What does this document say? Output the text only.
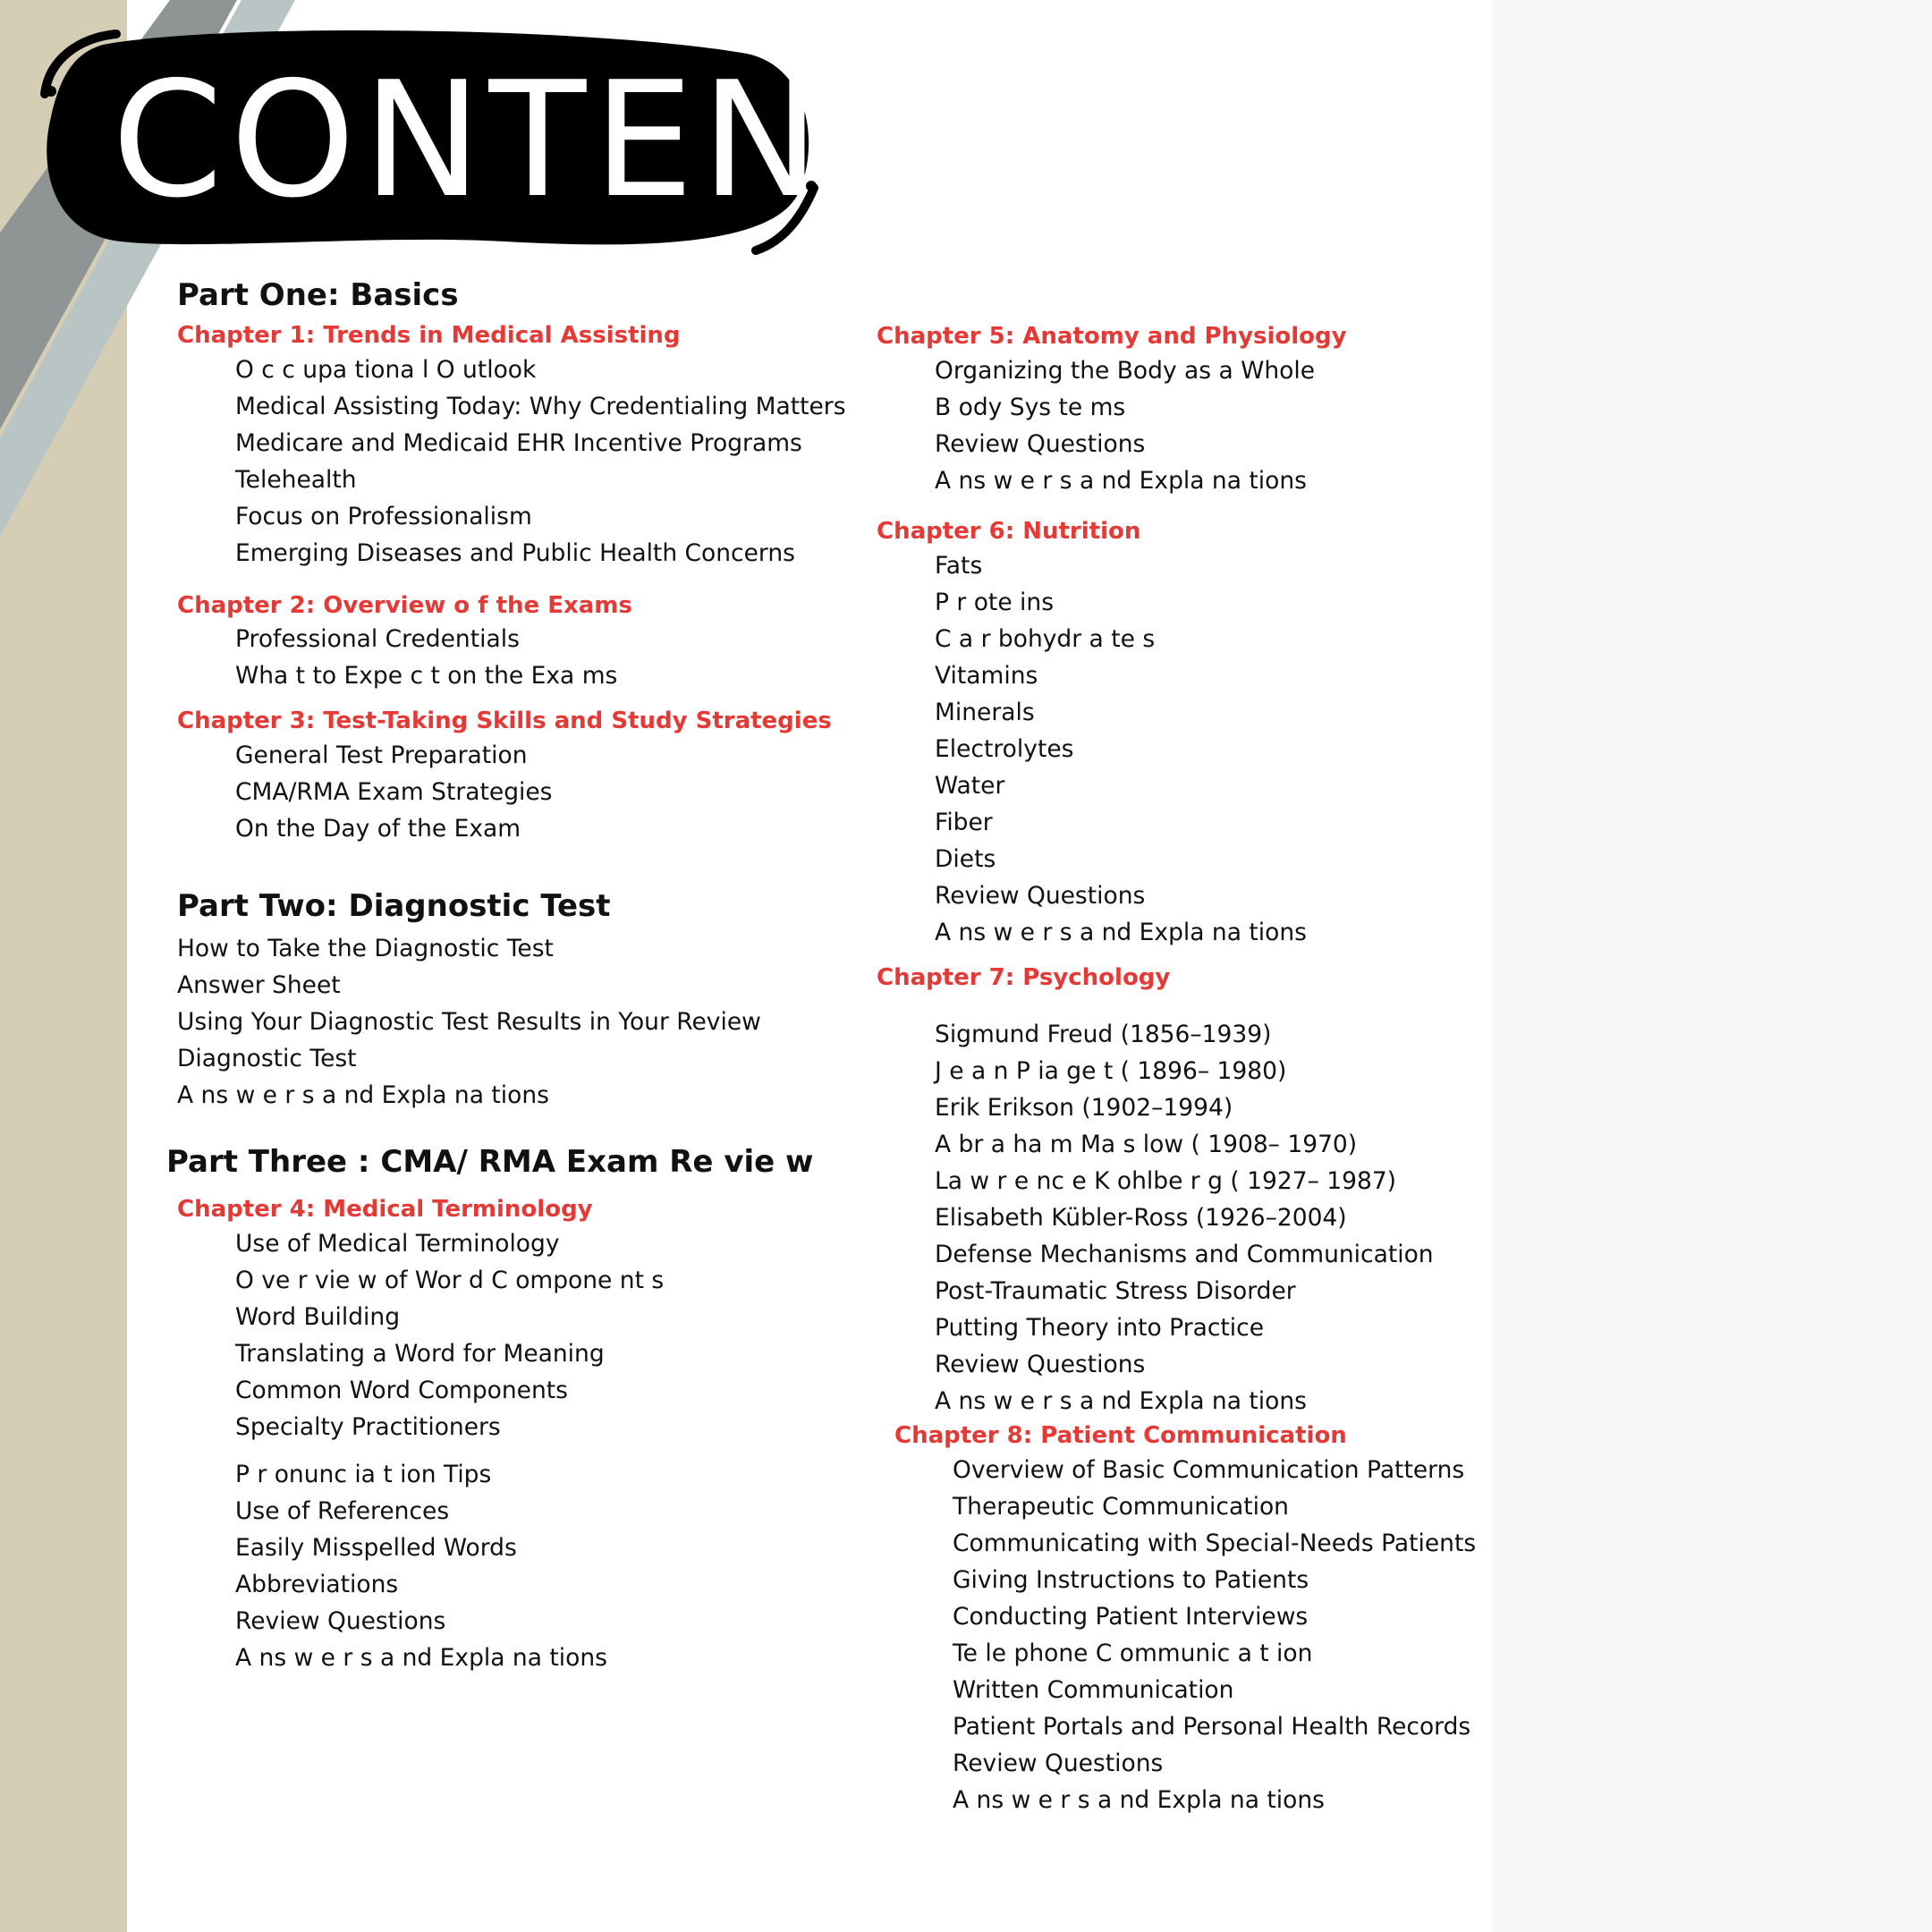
CONTENT
Part One: Basics
Chapter 1: Trends in Medical Assisting
O c c upa tiona l O utlook
Medical Assisting Today: Why Credentialing Matters
Medicare and Medicaid EHR Incentive Programs
Telehealth
Focus on Professionalism
Emerging Diseases and Public Health Concerns
Chapter 2: Overview o f the Exams
Professional Credentials
Wha t to Expe c t on the Exa ms
Chapter 3: Test-Taking Skills and Study Strategies
General Test Preparation
CMA/RMA Exam Strategies
On the Day of the Exam
Part Two: Diagnostic Test
How to Take the Diagnostic Test
Answer Sheet
Using Your Diagnostic Test Results in Your Review
Diagnostic Test
A ns w e r s a nd Expla na tions
Part Three : CMA/ RMA Exam Re vie w
Chapter 4: Medical Terminology
Use of Medical Terminology
O ve r vie w of Wor d C ompone nt s
Word Building
Translating a Word for Meaning
Common Word Components
Specialty Practitioners
P r onunc ia t ion Tips
Use of References
Easily Misspelled Words
Abbreviations
Review Questions
A ns w e r s a nd Expla na tions
Chapter 5: Anatomy and Physiology
Organizing the Body as a Whole
B ody Sys te ms
Review Questions
A ns w e r s a nd Expla na tions
Chapter 6: Nutrition
Fats
P r ote ins
C a r bohydr a te s
Vitamins
Minerals
Electrolytes
Water
Fiber
Diets
Review Questions
A ns w e r s a nd Expla na tions
Chapter 7: Psychology
Sigmund Freud (1856–1939)
J e a n P ia ge t ( 1896– 1980)
Erik Erikson (1902–1994)
A br a ha m Ma s low ( 1908– 1970)
La w r e nc e K ohlbe r g ( 1927– 1987)
Elisabeth Kübler-Ross (1926–2004)
Defense Mechanisms and Communication
Post-Traumatic Stress Disorder
Putting Theory into Practice
Review Questions
A ns w e r s a nd Expla na tions
Chapter 8: Patient Communication
Overview of Basic Communication Patterns
Therapeutic Communication
Communicating with Special-Needs Patients
Giving Instructions to Patients
Conducting Patient Interviews
Te le phone C ommunic a t ion
Written Communication
Patient Portals and Personal Health Records
Review Questions
A ns w e r s a nd Expla na tions
